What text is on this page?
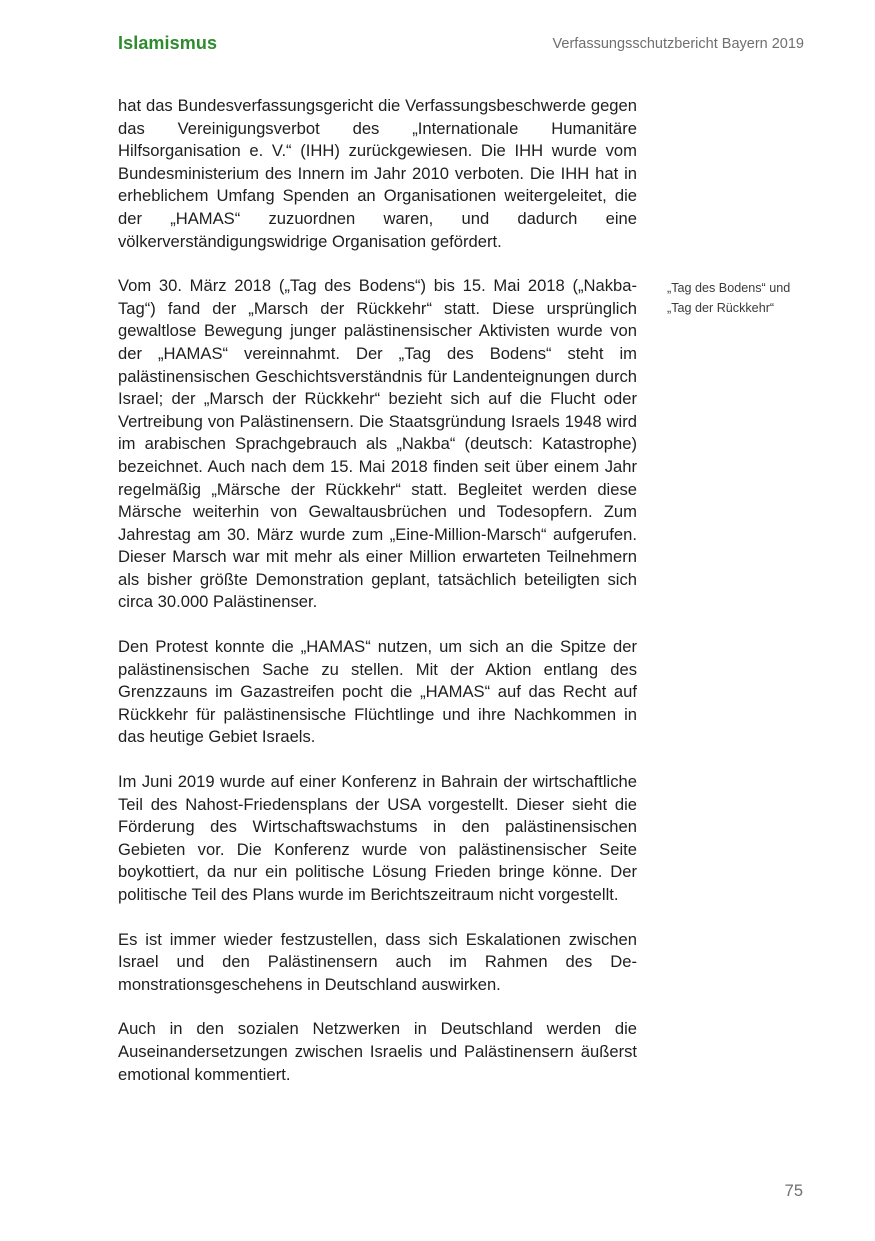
Islamismus	Verfassungsschutzbericht Bayern 2019

hat das Bundesverfassungsgericht die Verfassungsbeschwerde gegen das Vereinigungsverbot des „Internationale Humanitäre Hilfsorganisation e. V.“ (IHH) zurückgewiesen. Die IHH wurde vom Bundesministerium des Innern im Jahr 2010 verboten. Die IHH hat in erheblichem Umfang Spenden an Organisationen weitergeleitet, die der „HAMAS“ zuzuordnen waren, und dadurch eine völkerverständigungswidrige Organisation gefördert.

Vom 30. März 2018 („Tag des Bodens“) bis 15. Mai 2018 („Nakba-Tag“) fand der „Marsch der Rückkehr“ statt. Diese ursprünglich gewaltlose Bewegung junger palästinensischer Aktivisten wurde von der „HAMAS“ vereinnahmt. Der „Tag des Bodens“ steht im palästinensischen Geschichtsverständnis für Landenteignungen durch Israel; der „Marsch der Rückkehr“ bezieht sich auf die Flucht oder Vertreibung von Palästinensern. Die Staatsgründung Israels 1948 wird im arabischen Sprachgebrauch als „Nakba“ (deutsch: Katastrophe) bezeichnet. Auch nach dem 15. Mai 2018 finden seit über einem Jahr regelmäßig „Märsche der Rückkehr“ statt. Begleitet werden diese Märsche weiterhin von Gewaltausbrüchen und Todesopfern. Zum Jahrestag am 30. März wurde zum „Eine-Million-Marsch“ aufgerufen. Dieser Marsch war mit mehr als einer Million erwarteten Teilnehmern als bisher größte Demonstration geplant, tatsächlich beteiligten sich circa 30.000 Palästinenser.

Den Protest konnte die „HAMAS“ nutzen, um sich an die Spitze der palästinensischen Sache zu stellen. Mit der Aktion entlang des Grenzzauns im Gazastreifen pocht die „HAMAS“ auf das Recht auf Rückkehr für palästinensische Flüchtlinge und ihre Nachkommen in das heutige Gebiet Israels.

Im Juni 2019 wurde auf einer Konferenz in Bahrain der wirtschaftliche Teil des Nahost-Friedensplans der USA vorgestellt. Dieser sieht die Förderung des Wirtschaftswachstums in den palästinensischen Gebieten vor. Die Konferenz wurde von palästinensischer Seite boykottiert, da nur ein politische Lösung Frieden bringe könne. Der politische Teil des Plans wurde im Berichtszeitraum nicht vorgestellt.

Es ist immer wieder festzustellen, dass sich Eskalationen zwischen Israel und den Palästinensern auch im Rahmen des Demonstrationsgeschehens in Deutschland auswirken.

Auch in den sozialen Netzwerken in Deutschland werden die Auseinandersetzungen zwischen Israelis und Palästinensern äußerst emotional kommentiert.

„Tag des Bodens“ und „Tag der Rückkehr“
75
